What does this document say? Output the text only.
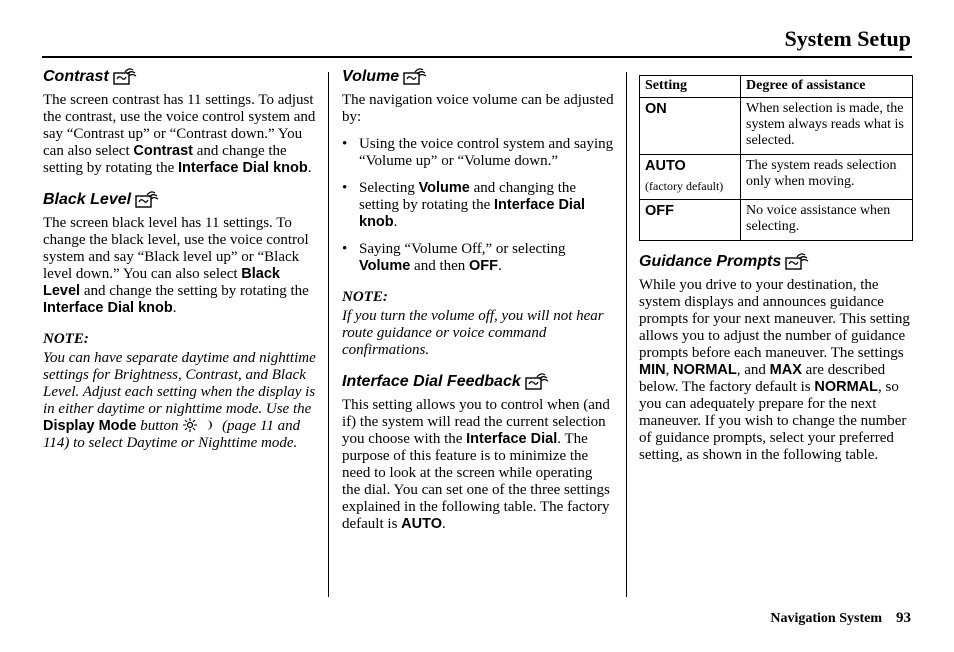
System Setup
Contrast

The screen contrast has 11 settings. To adjust the contrast, use the voice control system and say “Contrast up” or “Contrast down.” You can also select Contrast and change the setting by rotating the Interface Dial knob.

Black Level

The screen black level has 11 settings. To change the black level, use the voice control system and say “Black level up” or “Black level down.” You can also select Black Level and change the setting by rotating the Interface Dial knob.

NOTE:

You can have separate daytime and nighttime settings for Brightness, Contrast, and Black Level. Adjust each setting when the display is in either daytime or nighttime mode. Use the Display Mode button  (page 11 and 114) to select Daytime or Nighttime mode.

Volume

The navigation voice volume can be adjusted by:

• Using the voice control system and saying “Volume up” or “Volume down.”
• Selecting Volume and changing the setting by rotating the Interface Dial knob.
• Saying “Volume Off,” or selecting Volume and then OFF.
NOTE:

If you turn the volume off, you will not hear route guidance or voice command confirmations.

Interface Dial Feedback

This setting allows you to control when (and if) the system will read the current selection you choose with the Interface Dial. The purpose of this feature is to minimize the need to look at the screen while operating the dial. You can set one of the three settings explained in the following table. The factory default is AUTO.

Setting	Degree of assistance
ON	When selection is made, the system always reads what is selected.
AUTO
(factory default)	The system reads selection only when moving.
OFF	No voice assistance when selecting.
Guidance Prompts

While you drive to your destination, the system displays and announces guidance prompts for your next maneuver. This setting allows you to adjust the number of guidance prompts before each maneuver. The settings MIN, NORMAL, and MAX are described below. The factory default is NORMAL, so you can adequately prepare for the next maneuver. If you wish to change the number of guidance prompts, select your preferred setting, as shown in the following table.

Navigation System 93
